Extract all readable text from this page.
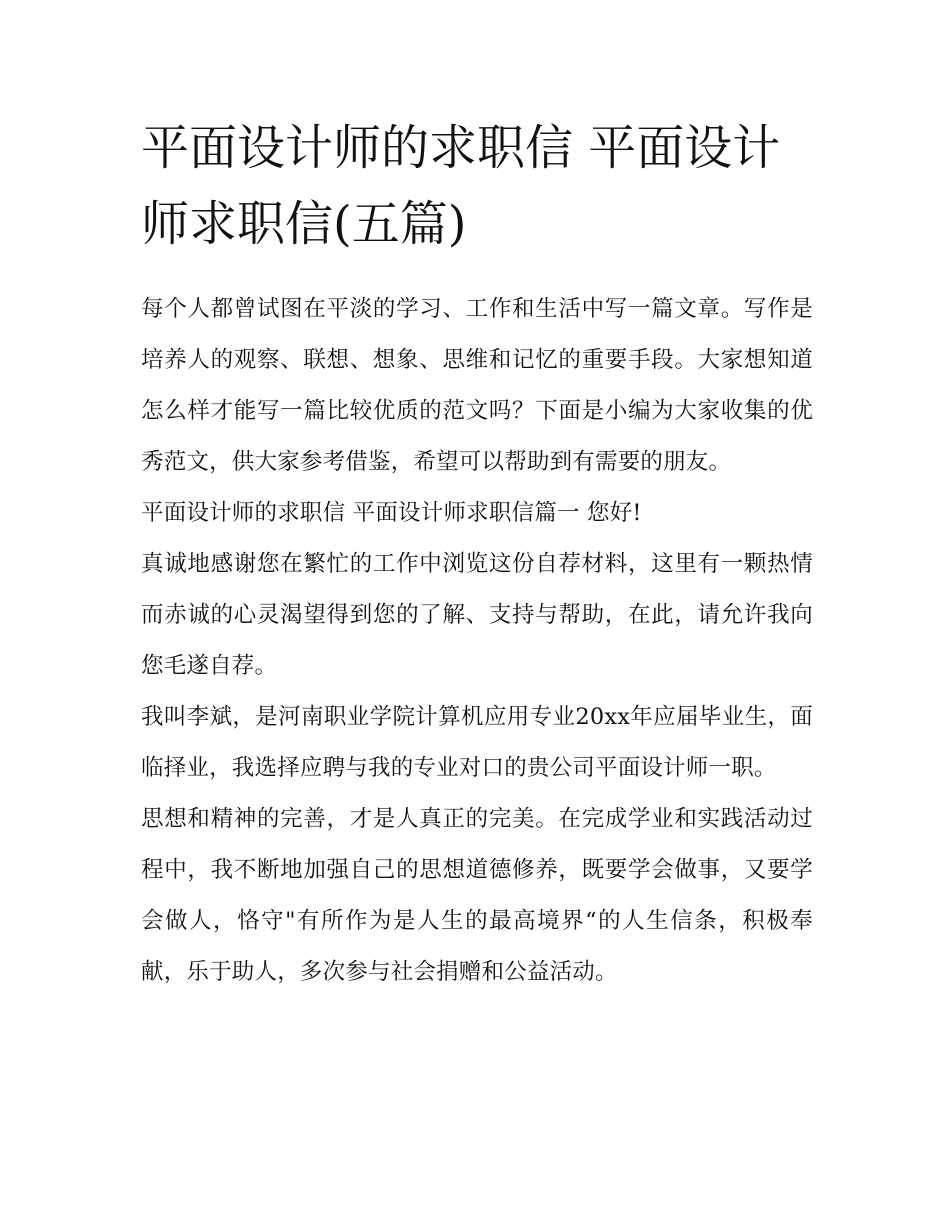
平面设计师的求职信 平面设计师求职信(五篇)

每个人都曾试图在平淡的学习、工作和生活中写一篇文章。写作是培养人的观察、联想、想象、思维和记忆的重要手段。大家想知道怎么样才能写一篇比较优质的范文吗？下面是小编为大家收集的优秀范文，供大家参考借鉴，希望可以帮助到有需要的朋友。

平面设计师的求职信 平面设计师求职信篇一 您好!

真诚地感谢您在繁忙的工作中浏览这份自荐材料，这里有一颗热情而赤诚的心灵渴望得到您的了解、支持与帮助，在此，请允许我向您毛遂自荐。

我叫李斌，是河南职业学院计算机应用专业20xx年应届毕业生，面临择业，我选择应聘与我的专业对口的贵公司平面设计师一职。

思想和精神的完善，才是人真正的完美。在完成学业和实践活动过程中，我不断地加强自己的思想道德修养，既要学会做事，又要学会做人，恪守"有所作为是人生的最高境界“的人生信条，积极奉献，乐于助人，多次参与社会捐赠和公益活动。
